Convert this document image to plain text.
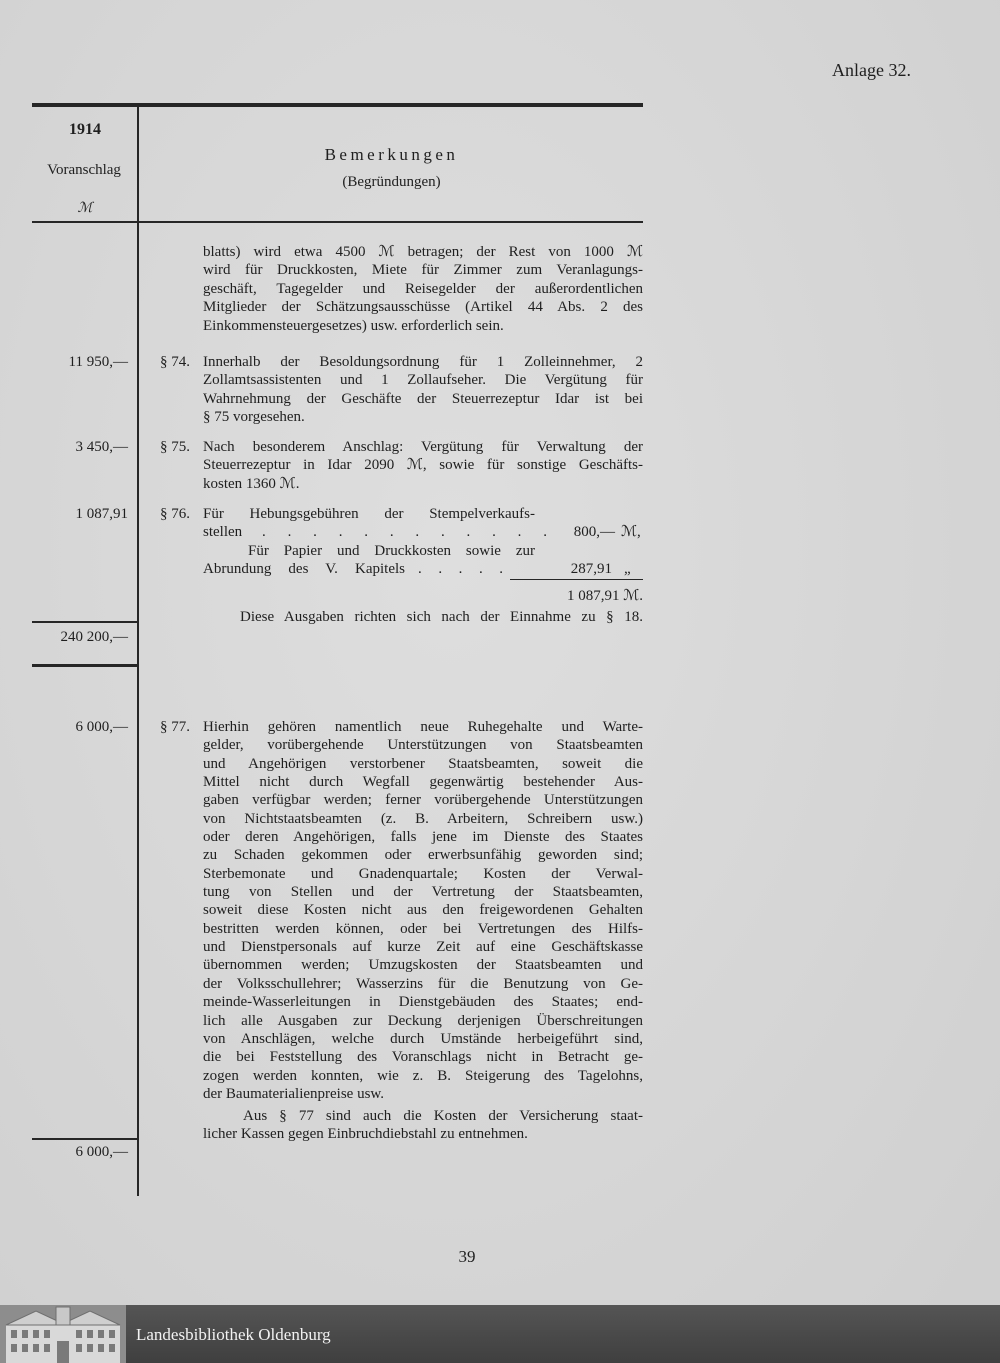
Anlage 32.
1914
Voranschlag
ℳ
Bemerkungen
(Begründungen)
11 950,—
3 450,—
1 087,91
240 200,—
6 000,—
6 000,—
blatts) wird etwa 4500 ℳ betragen; der Rest von 1000 ℳ
wird für Druckkosten, Miete für Zimmer zum Veranlagungs-
geschäft, Tagegelder und Reisegelder der außerordentlichen
Mitglieder der Schätzungsausschüsse (Artikel 44 Abs. 2 des
Einkommensteuergesetzes) usw. erforderlich sein.
§ 74. Innerhalb der Besoldungsordnung für 1 Zolleinnehmer, 2
Zollamtsassistenten und 1 Zollaufseher. Die Vergütung für
Wahrnehmung der Geschäfte der Steuerrezeptur Idar ist bei
§ 75 vorgesehen.
§ 75. Nach besonderem Anschlag: Vergütung für Verwaltung der
Steuerrezeptur in Idar 2090 ℳ, sowie für sonstige Geschäfts-
kosten 1360 ℳ.
§ 76. Für Hebungsgebühren der Stempelverkaufs-
stellen . . . . . . . . . . . .	800,— ℳ,
Für Papier und Druckkosten sowie zur
Abrundung des V. Kapitels . . . . .	287,91 „
1 087,91 ℳ.
Diese Ausgaben richten sich nach der Einnahme zu § 18.
§ 77. Hierhin gehören namentlich neue Ruhegehalte und Warte-
gelder, vorübergehende Unterstützungen von Staatsbeamten
und Angehörigen verstorbener Staatsbeamten, soweit die
Mittel nicht durch Wegfall gegenwärtig bestehender Aus-
gaben verfügbar werden; ferner vorübergehende Unterstützungen
von Nichtstaatsbeamten (z. B. Arbeitern, Schreibern usw.)
oder deren Angehörigen, falls jene im Dienste des Staates
zu Schaden gekommen oder erwerbsunfähig geworden sind;
Sterbemonate und Gnadenquartale; Kosten der Verwal-
tung von Stellen und der Vertretung der Staatsbeamten,
soweit diese Kosten nicht aus den freigewordenen Gehalten
bestritten werden können, oder bei Vertretungen des Hilfs-
und Dienstpersonals auf kurze Zeit auf eine Geschäftskasse
übernommen werden; Umzugskosten der Staatsbeamten und
der Volksschullehrer; Wasserzins für die Benutzung von Ge-
meinde-Wasserleitungen in Dienstgebäuden des Staates; end-
lich alle Ausgaben zur Deckung derjenigen Überschreitungen
von Anschlägen, welche durch Umstände herbeigeführt sind,
die bei Feststellung des Voranschlags nicht in Betracht ge-
zogen werden konnten, wie z. B. Steigerung des Tagelohns,
der Baumaterialienpreise usw.
Aus § 77 sind auch die Kosten der Versicherung staat-
licher Kassen gegen Einbruchdiebstahl zu entnehmen.
39
Landesbibliothek Oldenburg
